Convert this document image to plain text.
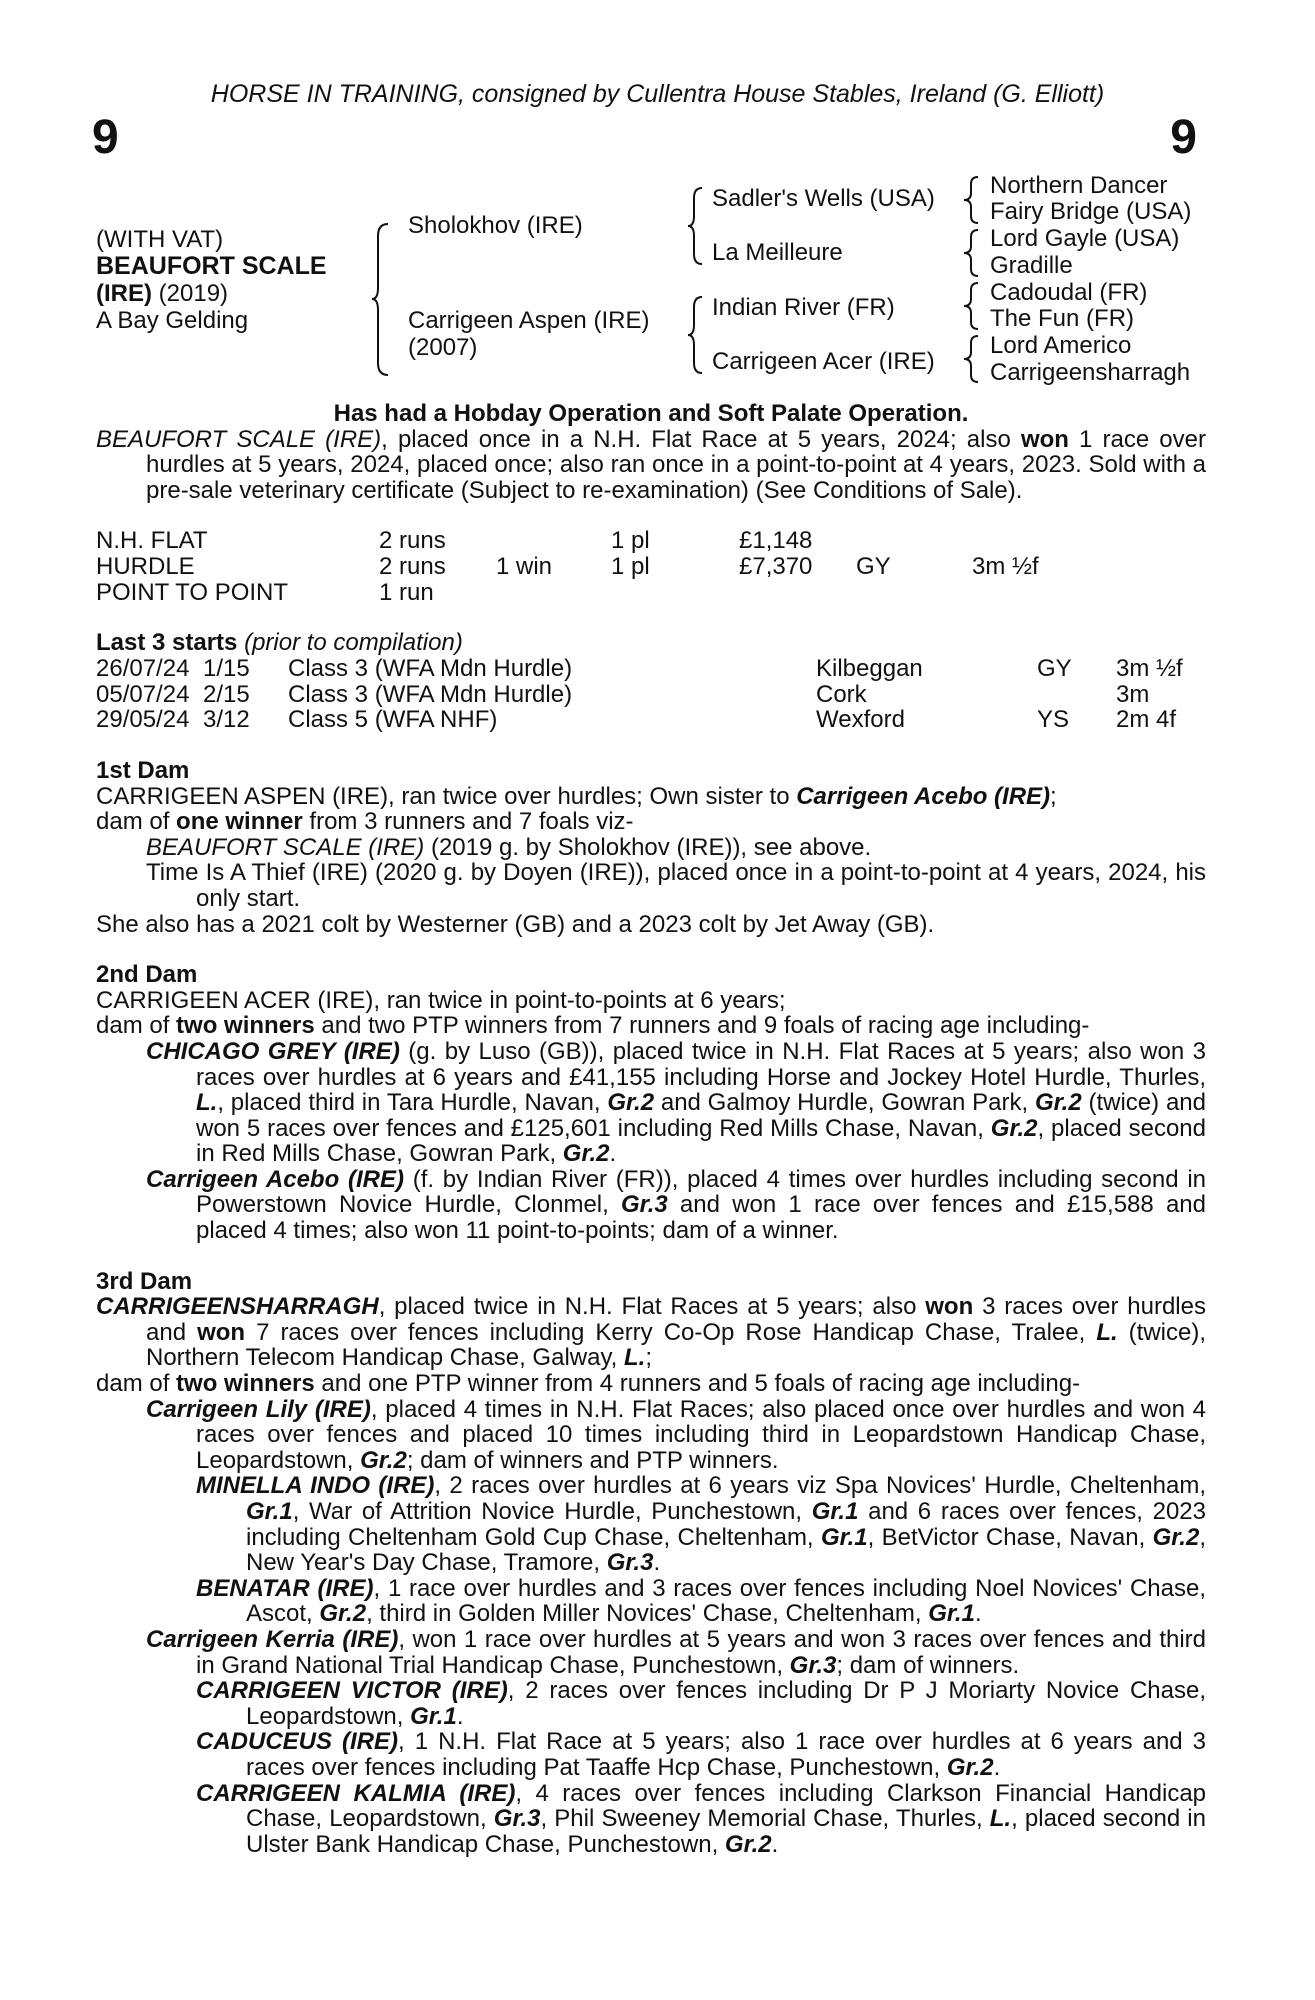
HORSE IN TRAINING, consigned by Cullentra House Stables, Ireland (G. Elliott)
9	9
(WITH VAT)
BEAUFORT SCALE
(IRE) (2019)
A Bay Gelding
Sholokhov (IRE)
Carrigeen Aspen (IRE)
(2007)
Sadler's Wells (USA)
La Meilleure
Indian River (FR)
Carrigeen Acer (IRE)
Northern Dancer
Fairy Bridge (USA)
Lord Gayle (USA)
Gradille
Cadoudal (FR)
The Fun (FR)
Lord Americo
Carrigeensharragh

Has had a Hobday Operation and Soft Palate Operation.

BEAUFORT SCALE (IRE), placed once in a N.H. Flat Race at 5 years, 2024; also won 1 race over hurdles at 5 years, 2024, placed once; also ran once in a point-to-point at 4 years, 2023. Sold with a pre-sale veterinary certificate (Subject to re-examination) (See Conditions of Sale).

N.H. FLAT	2 runs	1 pl	£1,148
HURDLE	2 runs 1 win 1 pl	£7,370 GY	3m ½f
POINT TO POINT	1 run

Last 3 starts (prior to compilation)

26/07/24 1/15 Class 3 (WFA Mdn Hurdle)	Kilbeggan	GY 3m ½f
05/07/24 2/15 Class 3 (WFA Mdn Hurdle)	Cork	3m
29/05/24 3/12 Class 5 (WFA NHF)	Wexford	YS 2m 4f

1st Dam

CARRIGEEN ASPEN (IRE), ran twice over hurdles; Own sister to Carrigeen Acebo (IRE);

dam of one winner from 3 runners and 7 foals viz-

BEAUFORT SCALE (IRE) (2019 g. by Sholokhov (IRE)), see above.

Time Is A Thief (IRE) (2020 g. by Doyen (IRE)), placed once in a point-to-point at 4 years, 2024, his only start.

She also has a 2021 colt by Westerner (GB) and a 2023 colt by Jet Away (GB).

2nd Dam

CARRIGEEN ACER (IRE), ran twice in point-to-points at 6 years;

dam of two winners and two PTP winners from 7 runners and 9 foals of racing age including-

CHICAGO GREY (IRE) (g. by Luso (GB)), placed twice in N.H. Flat Races at 5 years; also won 3 races over hurdles at 6 years and £41,155 including Horse and Jockey Hotel Hurdle, Thurles, L., placed third in Tara Hurdle, Navan, Gr.2 and Galmoy Hurdle, Gowran Park, Gr.2 (twice) and won 5 races over fences and £125,601 including Red Mills Chase, Navan, Gr.2, placed second in Red Mills Chase, Gowran Park, Gr.2.

Carrigeen Acebo (IRE) (f. by Indian River (FR)), placed 4 times over hurdles including second in Powerstown Novice Hurdle, Clonmel, Gr.3 and won 1 race over fences and £15,588 and placed 4 times; also won 11 point-to-points; dam of a winner.

3rd Dam

CARRIGEENSHARRAGH, placed twice in N.H. Flat Races at 5 years; also won 3 races over hurdles and won 7 races over fences including Kerry Co-Op Rose Handicap Chase, Tralee, L. (twice), Northern Telecom Handicap Chase, Galway, L.;

dam of two winners and one PTP winner from 4 runners and 5 foals of racing age including-

Carrigeen Lily (IRE), placed 4 times in N.H. Flat Races; also placed once over hurdles and won 4 races over fences and placed 10 times including third in Leopardstown Handicap Chase, Leopardstown, Gr.2; dam of winners and PTP winners.

MINELLA INDO (IRE), 2 races over hurdles at 6 years viz Spa Novices' Hurdle, Cheltenham, Gr.1, War of Attrition Novice Hurdle, Punchestown, Gr.1 and 6 races over fences, 2023 including Cheltenham Gold Cup Chase, Cheltenham, Gr.1, BetVictor Chase, Navan, Gr.2, New Year's Day Chase, Tramore, Gr.3.

BENATAR (IRE), 1 race over hurdles and 3 races over fences including Noel Novices' Chase, Ascot, Gr.2, third in Golden Miller Novices' Chase, Cheltenham, Gr.1.

Carrigeen Kerria (IRE), won 1 race over hurdles at 5 years and won 3 races over fences and third in Grand National Trial Handicap Chase, Punchestown, Gr.3; dam of winners.

CARRIGEEN VICTOR (IRE), 2 races over fences including Dr P J Moriarty Novice Chase, Leopardstown, Gr.1.

CADUCEUS (IRE), 1 N.H. Flat Race at 5 years; also 1 race over hurdles at 6 years and 3 races over fences including Pat Taaffe Hcp Chase, Punchestown, Gr.2.

CARRIGEEN KALMIA (IRE), 4 races over fences including Clarkson Financial Handicap Chase, Leopardstown, Gr.3, Phil Sweeney Memorial Chase, Thurles, L., placed second in Ulster Bank Handicap Chase, Punchestown, Gr.2.
